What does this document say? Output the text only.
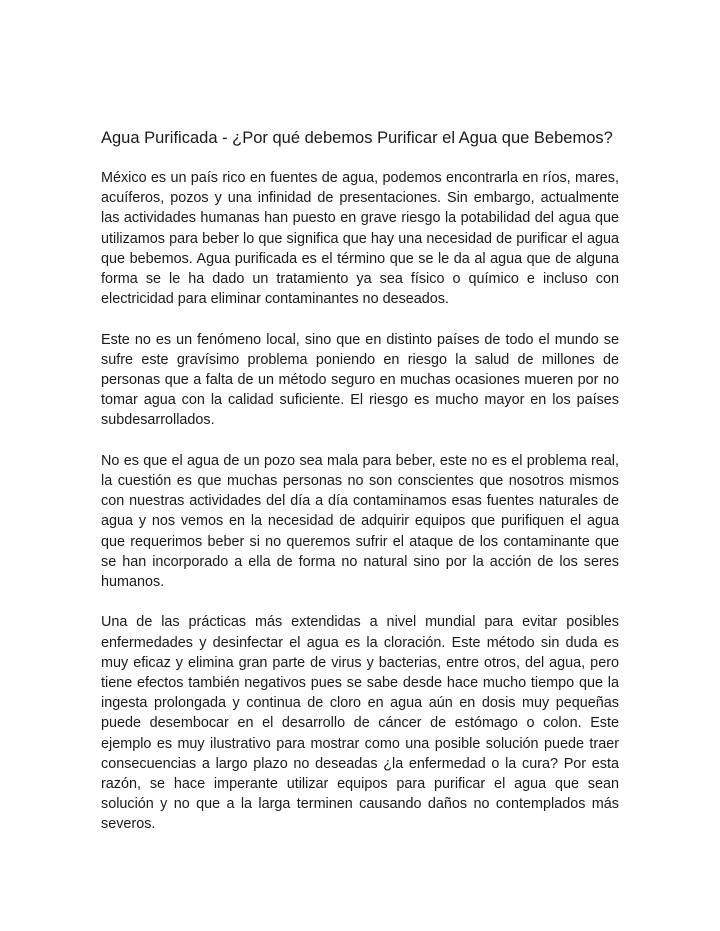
Agua Purificada - ¿Por qué debemos Purificar el Agua que Bebemos?

México es un país rico en fuentes de agua, podemos encontrarla en ríos, mares, acuíferos, pozos y una infinidad de presentaciones. Sin embargo, actualmente las actividades humanas han puesto en grave riesgo la potabilidad del agua que utilizamos para beber lo que significa que hay una necesidad de purificar el agua que bebemos. Agua purificada es el término que se le da al agua que de alguna forma se le ha dado un tratamiento ya sea físico o químico e incluso con electricidad para eliminar contaminantes no deseados.

Este no es un fenómeno local, sino que en distinto países de todo el mundo se sufre este gravísimo problema poniendo en riesgo la salud de millones de personas que a falta de un método seguro en muchas ocasiones mueren por no tomar agua con la calidad suficiente. El riesgo es mucho mayor en los países subdesarrollados.

No es que el agua de un pozo sea mala para beber, este no es el problema real, la cuestión es que muchas personas no son conscientes que nosotros mismos con nuestras actividades del día a día contaminamos esas fuentes naturales de agua y nos vemos en la necesidad de adquirir equipos que purifiquen el agua que requerimos beber si no queremos sufrir el ataque de los contaminante que se han incorporado a ella de forma no natural sino por la acción de los seres humanos.

Una de las prácticas más extendidas a nivel mundial para evitar posibles enfermedades y desinfectar el agua es la cloración. Este método sin duda es muy eficaz y elimina gran parte de virus y bacterias, entre otros, del agua, pero tiene efectos también negativos pues se sabe desde hace mucho tiempo que la ingesta prolongada y continua de cloro en agua aún en dosis muy pequeñas puede desembocar en el desarrollo de cáncer de estómago o colon. Este ejemplo es muy ilustrativo para mostrar como una posible solución puede traer consecuencias a largo plazo no deseadas ¿la enfermedad o la cura? Por esta razón, se hace imperante utilizar equipos para purificar el agua que sean solución y no que a la larga terminen causando daños no contemplados más severos.
